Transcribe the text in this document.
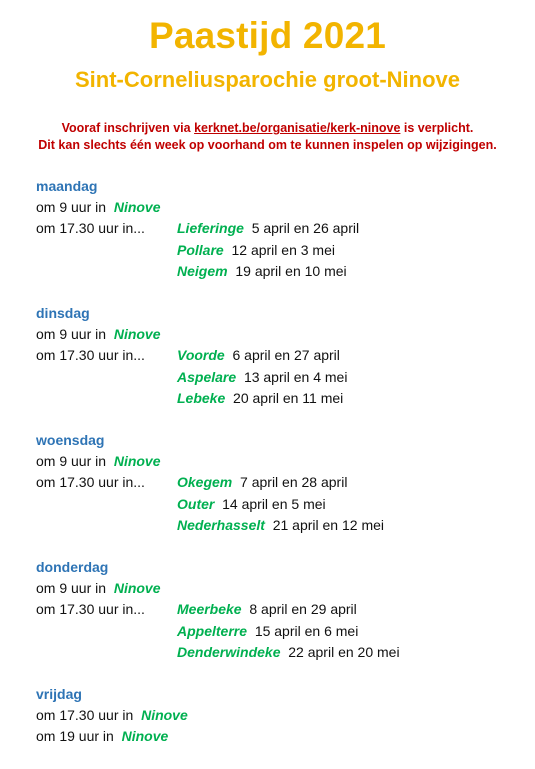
Paastijd 2021
Sint-Corneliusparochie groot-Ninove
Vooraf inschrijven via kerknet.be/organisatie/kerk-ninove is verplicht.
Dit kan slechts één week op voorhand om te kunnen inspelen op wijzigingen.
maandag
om 9 uur in
Ninove
om 17.30 uur in...	Lieferinge 5 april en 26 april
Pollare 12 april en 3 mei
Neigem 19 april en 10 mei
dinsdag
om 9 uur in
Ninove
om 17.30 uur in...	Voorde 6 april en 27 april
Aspelare 13 april en 4 mei
Lebeke 20 april en 11 mei
woensdag
om 9 uur in
Ninove
om 17.30 uur in...	Okegem 7 april en 28 april
Outer 14 april en 5 mei
Nederhasselt 21 april en 12 mei
donderdag
om 9 uur in
Ninove
om 17.30 uur in...	Meerbeke 8 april en 29 april
Appelterre 15 april en 6 mei
Denderwindeke 22 april en 20 mei
vrijdag
om 17.30 uur in
Ninove
om 19 uur in
Ninove
